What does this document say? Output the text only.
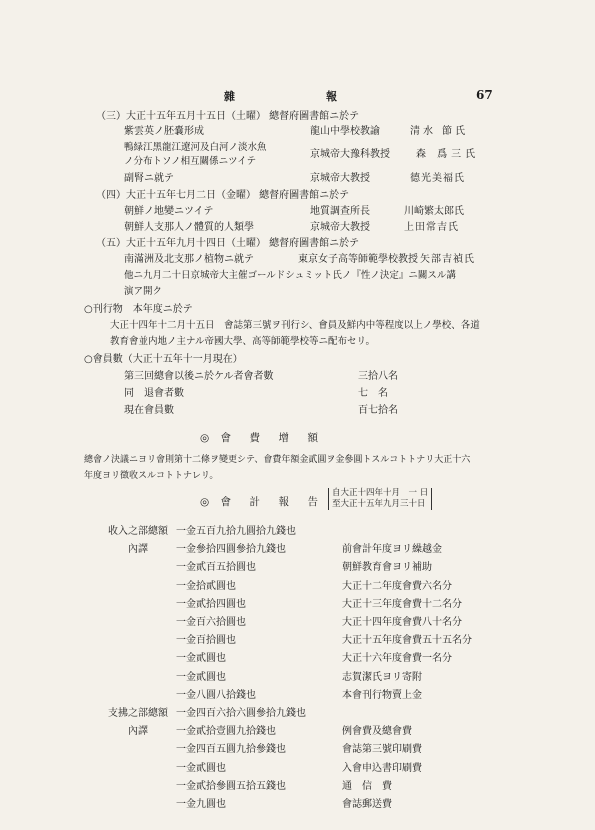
雜	報	67
（三）大正十五年五月十五日（土曜） 總督府圖書館ニ於テ
紫雲英ノ胚嚢形成	龍山中學校教諭	清水 節氏
鴨緑江黑龍江遼河及白河ノ淡水魚
ノ分布トソノ相互關係ニツイテ
京城帝大豫科教授	森 爲三氏
副腎ニ就テ	京城帝大教授	德光美福氏
（四）大正十五年七月二日（金曜） 總督府圖書館ニ於テ
朝鮮ノ地變ニツイテ	地質調查所長	川崎繁太郎氏
朝鮮人支那人ノ體質的人類學	京城帝大教授	上田常吉氏
（五）大正十五年九月十四日（土曜） 總督府圖書館ニ於テ
南滿洲及北支那ノ植物ニ就テ	東京女子高等師範學校教授 矢部吉禎氏
他ニ九月二十日京城帝大主催ゴールドシュミット氏ノ『性ノ決定』ニ關スル講
演ア開ク
○刊行物　本年度ニ於テ
大正十四年十二月十五日　會誌第三號ヲ刊行シ、會員及鮮内中等程度以上ノ學校、各道
教育會並内地ノ主ナル帝國大學、高等師範學校等ニ配布セリ。
○會員數（大正十五年十一月現在）
第三回總會以後ニ於ケル者會者數	三拾八名
同　退會者數	七　名
現在會員數	百七拾名
◎ 會　費　增　額
總會ノ決議ニヨリ會則第十二條ヲ變更シテ、會費年額金貳圓ヲ金參圓トスルコトトナリ大正十六
年度ヨリ徴收スルコトトナレリ。
◎ 會　計　報　告
自大正十四年十月　一 日
至大正十五年九月三十日
收入之部總額 一金五百九拾九圓拾九錢也
內譯	一金參拾四圓參拾九錢也	前會計年度ヨリ繰越金
一金貳百五拾圓也	朝鮮教育會ヨリ補助
一金拾貳圓也	大正十二年度會費六名分
一金貳拾四圓也	大正十三年度會費十二名分
一金百六拾圓也	大正十四年度會費八十名分
一金百拾圓也	大正十五年度會費五十五名分
一金貳圓也	大正十六年度會費一名分
一金貳圓也	志賀潔氏ヨリ寄附
一金八圓八拾錢也	本會刊行物賣上金
支拂之部總額 一金四百六拾六圓參拾九錢也
內譯	一金貳拾壹圓九拾錢也	例會費及總會費
一金四百五圓九拾參錢也	會誌第三號印刷費
一金貳圓也	入會申込書印刷費
一金貳拾參圓五拾五錢也	通　信　費
一金九圓也	會誌郵送費
